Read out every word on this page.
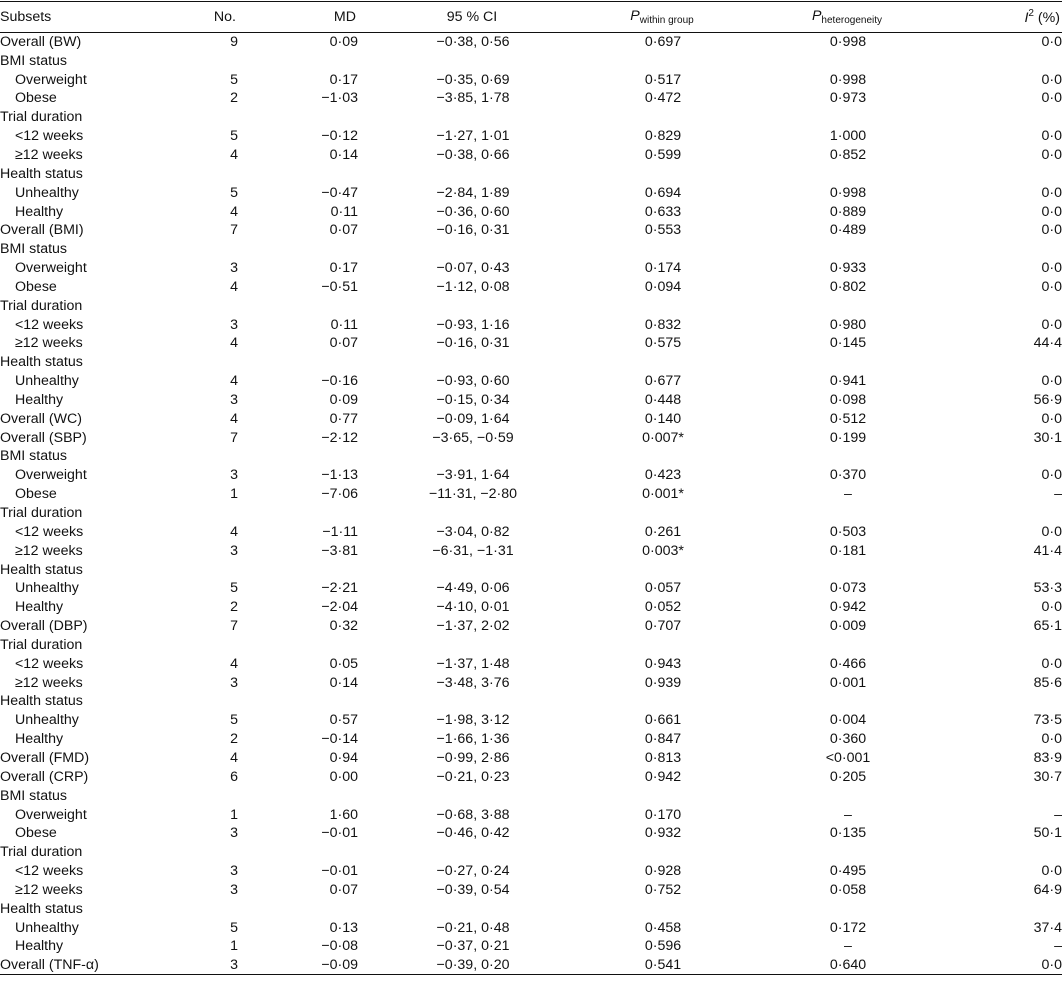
Subsets	No.	MD	95 % CI	$P_{within group}$	$P_{heterogeneity}$	$I^2$ (%)
Overall (BW)	9	0·09	−0·38, 0·56	0·697	0·998	0·0
BMI status						
Overweight	5	0·17	−0·35, 0·69	0·517	0·998	0·0
Obese	2	−1·03	−3·85, 1·78	0·472	0·973	0·0
Trial duration						
<12 weeks	5	−0·12	−1·27, 1·01	0·829	1·000	0·0
≥12 weeks	4	0·14	−0·38, 0·66	0·599	0·852	0·0
Health status						
Unhealthy	5	−0·47	−2·84, 1·89	0·694	0·998	0·0
Healthy	4	0·11	−0·36, 0·60	0·633	0·889	0·0
Overall (BMI)	7	0·07	−0·16, 0·31	0·553	0·489	0·0
BMI status						
Overweight	3	0·17	−0·07, 0·43	0·174	0·933	0·0
Obese	4	−0·51	−1·12, 0·08	0·094	0·802	0·0
Trial duration						
<12 weeks	3	0·11	−0·93, 1·16	0·832	0·980	0·0
≥12 weeks	4	0·07	−0·16, 0·31	0·575	0·145	44·4
Health status						
Unhealthy	4	−0·16	−0·93, 0·60	0·677	0·941	0·0
Healthy	3	0·09	−0·15, 0·34	0·448	0·098	56·9
Overall (WC)	4	0·77	−0·09, 1·64	0·140	0·512	0·0
Overall (SBP)	7	−2·12	−3·65, −0·59	0·007*	0·199	30·1
BMI status						
Overweight	3	−1·13	−3·91, 1·64	0·423	0·370	0·0
Obese	1	−7·06	−11·31, −2·80	0·001*	–	–
Trial duration						
<12 weeks	4	−1·11	−3·04, 0·82	0·261	0·503	0·0
≥12 weeks	3	−3·81	−6·31, −1·31	0·003*	0·181	41·4
Health status						
Unhealthy	5	−2·21	−4·49, 0·06	0·057	0·073	53·3
Healthy	2	−2·04	−4·10, 0·01	0·052	0·942	0·0
Overall (DBP)	7	0·32	−1·37, 2·02	0·707	0·009	65·1
Trial duration						
<12 weeks	4	0·05	−1·37, 1·48	0·943	0·466	0·0
≥12 weeks	3	0·14	−3·48, 3·76	0·939	0·001	85·6
Health status						
Unhealthy	5	0·57	−1·98, 3·12	0·661	0·004	73·5
Healthy	2	−0·14	−1·66, 1·36	0·847	0·360	0·0
Overall (FMD)	4	0·94	−0·99, 2·86	0·813	<0·001	83·9
Overall (CRP)	6	0·00	−0·21, 0·23	0·942	0·205	30·7
BMI status						
Overweight	1	1·60	−0·68, 3·88	0·170	–	–
Obese	3	−0·01	−0·46, 0·42	0·932	0·135	50·1
Trial duration						
<12 weeks	3	−0·01	−0·27, 0·24	0·928	0·495	0·0
≥12 weeks	3	0·07	−0·39, 0·54	0·752	0·058	64·9
Health status						
Unhealthy	5	0·13	−0·21, 0·48	0·458	0·172	37·4
Healthy	1	−0·08	−0·37, 0·21	0·596	–	–
Overall (TNF-α)	3	−0·09	−0·39, 0·20	0·541	0·640	0·0
